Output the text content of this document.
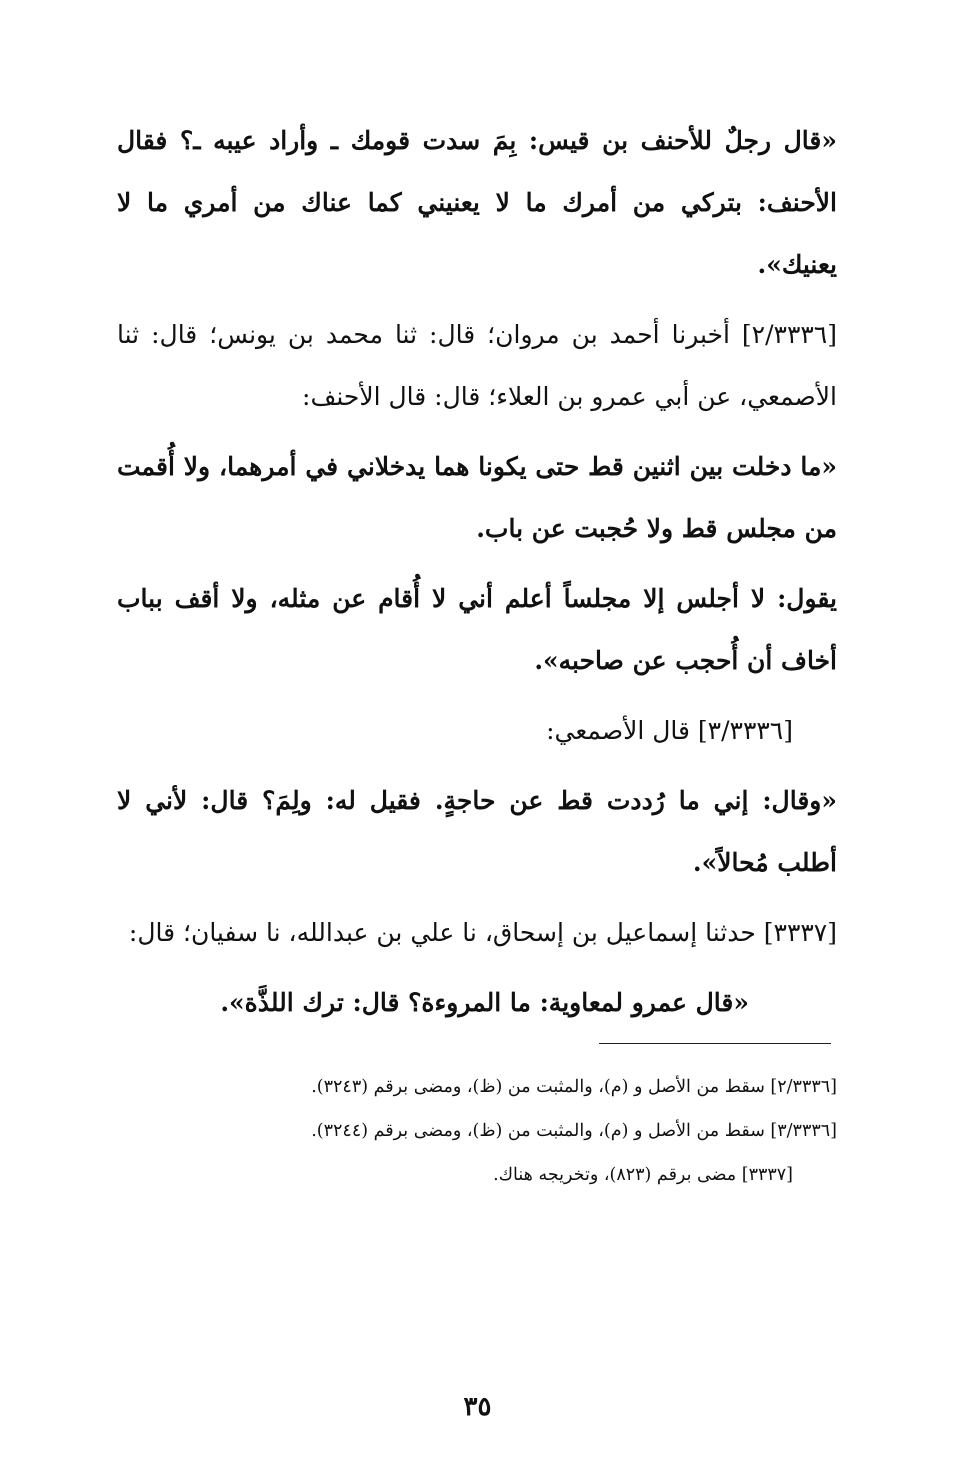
«قال رجلٌ للأحنف بن قيس: بِمَ سدت قومك ـ وأراد عيبه ـ؟ فقال الأحنف: بتركي من أمرك ما لا يعنيني كما عناك من أمري ما لا يعنيك».

[٢/٣٣٣٦] أخبرنا أحمد بن مروان؛ قال: ثنا محمد بن يونس؛ قال: ثنا الأصمعي، عن أبي عمرو بن العلاء؛ قال: قال الأحنف:

«ما دخلت بين اثنين قط حتى يكونا هما يدخلاني في أمرهما، ولا أُقمت من مجلس قط ولا حُجبت عن باب.

يقول: لا أجلس إلا مجلساً أعلم أني لا أُقام عن مثله، ولا أقف بباب أخاف أن أُحجب عن صاحبه».

[٣/٣٣٣٦] قال الأصمعي:

«وقال: إني ما رُددت قط عن حاجةٍ. فقيل له: ولِمَ؟ قال: لأني لا أطلب مُحالاً».

[٣٣٣٧] حدثنا إسماعيل بن إسحاق، نا علي بن عبدالله، نا سفيان؛ قال:

«قال عمرو لمعاوية: ما المروءة؟ قال: ترك اللذَّة».

[٢/٣٣٣٦] سقط من الأصل و (م)، والمثبت من (ظ)، ومضى برقم (٣٢٤٣).

[٣/٣٣٣٦] سقط من الأصل و (م)، والمثبت من (ظ)، ومضى برقم (٣٢٤٤).

[٣٣٣٧] مضى برقم (٨٢٣)، وتخريجه هناك.

٣٥
